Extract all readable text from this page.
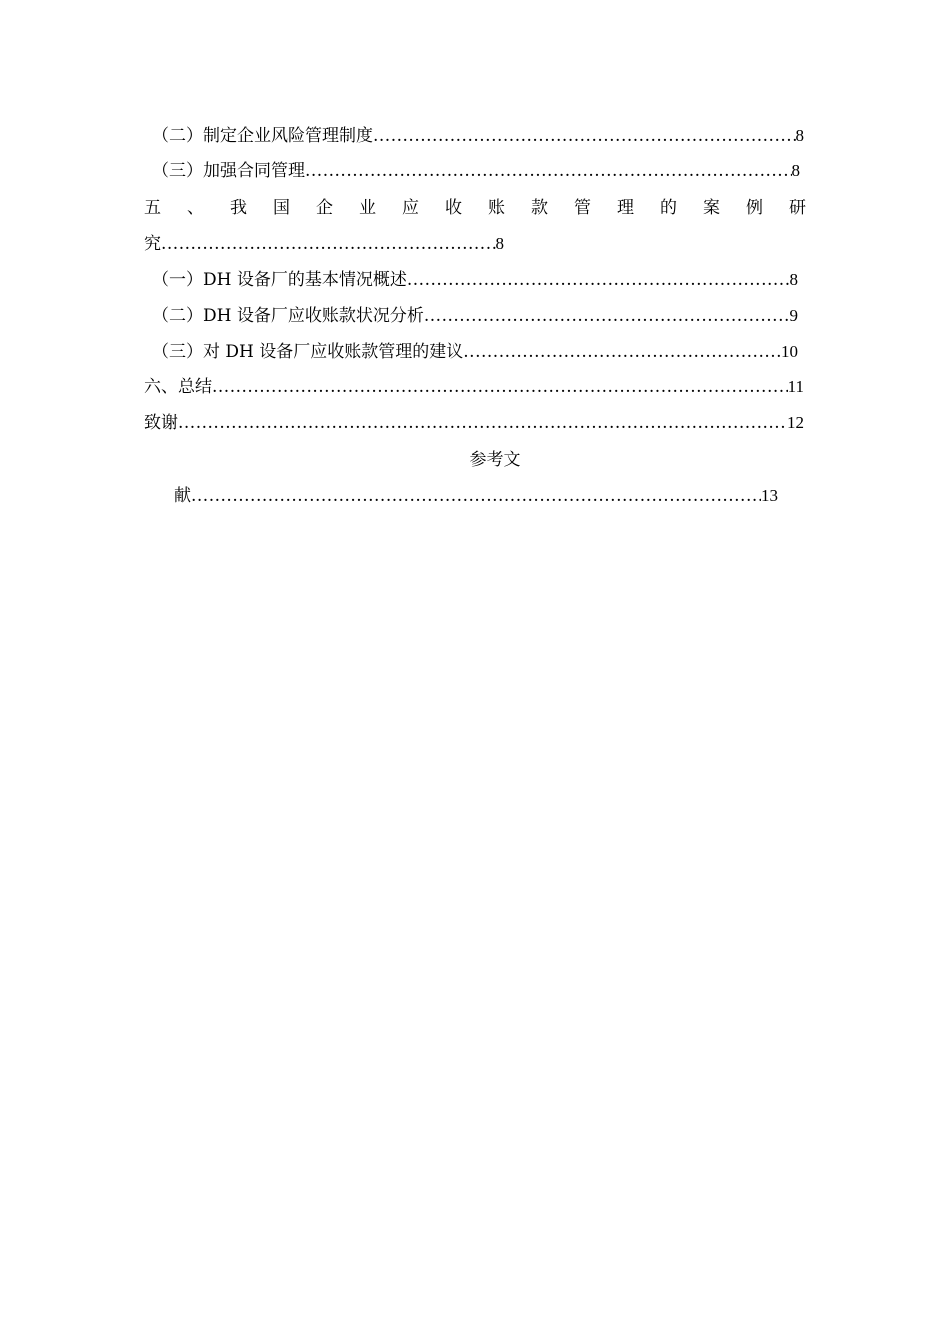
（二）制定企业风险管理制度 .....	8
（三）加强合同管理 .....	8
五 、 我 国 企 业 应 收 账 款 管 理 的 案 例 研
究 .....	8
（一）DH 设备厂的基本情况概述 .....	8
（二）DH 设备厂应收账款状况分析 .....	9
（三）对 DH 设备厂应收账款管理的建议 .....	10
六、总结 .....	11
致谢 .....	12
参考文
献 .....	13
